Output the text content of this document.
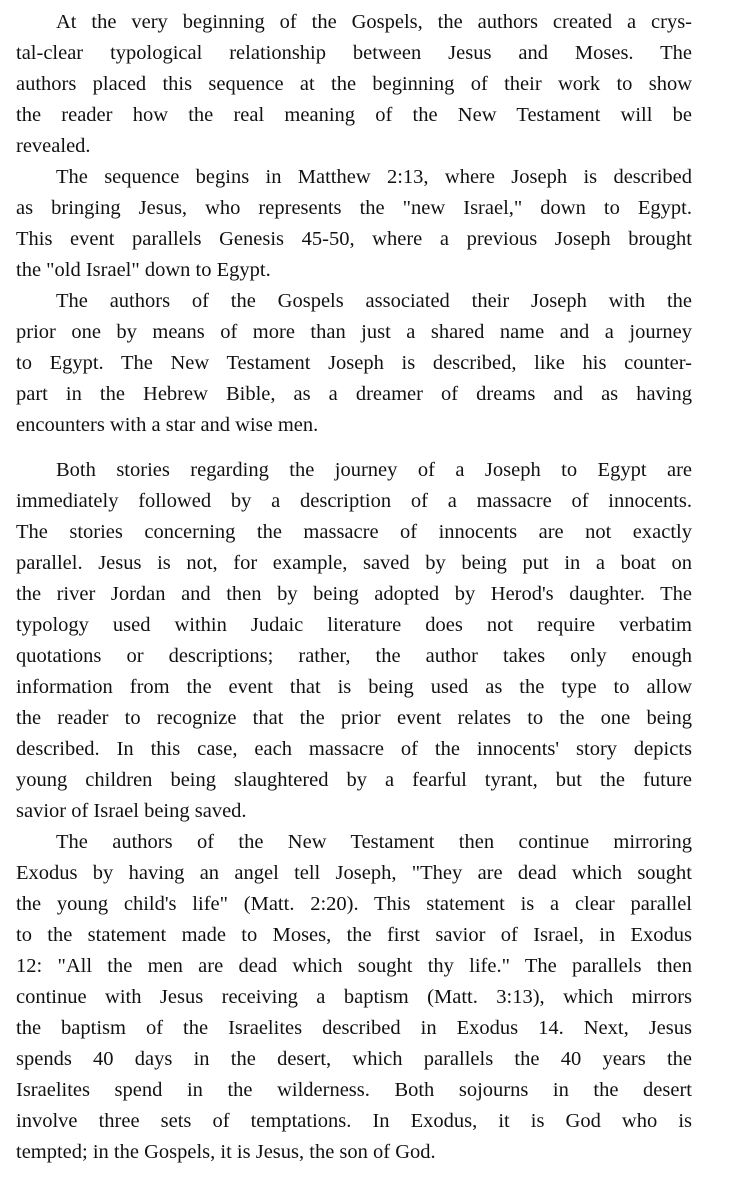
At the very beginning of the Gospels, the authors created a crys-
tal-clear typological relationship between Jesus and Moses. The
authors placed this sequence at the beginning of their work to show
the reader how the real meaning of the New Testament will be
revealed.
The sequence begins in Matthew 2:13, where Joseph is described
as bringing Jesus, who represents the "new Israel," down to Egypt.
This event parallels Genesis 45-50, where a previous Joseph brought
the "old Israel" down to Egypt.
The authors of the Gospels associated their Joseph with the
prior one by means of more than just a shared name and a journey
to Egypt. The New Testament Joseph is described, like his counter-
part in the Hebrew Bible, as a dreamer of dreams and as having
encounters with a star and wise men.
Both stories regarding the journey of a Joseph to Egypt are
immediately followed by a description of a massacre of innocents.
The stories concerning the massacre of innocents are not exactly
parallel. Jesus is not, for example, saved by being put in a boat on
the river Jordan and then by being adopted by Herod's daughter. The
typology used within Judaic literature does not require verbatim
quotations or descriptions; rather, the author takes only enough
information from the event that is being used as the type to allow
the reader to recognize that the prior event relates to the one being
described. In this case, each massacre of the innocents' story depicts
young children being slaughtered by a fearful tyrant, but the future
savior of Israel being saved.
The authors of the New Testament then continue mirroring
Exodus by having an angel tell Joseph, "They are dead which sought
the young child's life" (Matt. 2:20). This statement is a clear parallel
to the statement made to Moses, the first savior of Israel, in Exodus
12: "All the men are dead which sought thy life." The parallels then
continue with Jesus receiving a baptism (Matt. 3:13), which mirrors
the baptism of the Israelites described in Exodus 14. Next, Jesus
spends 40 days in the desert, which parallels the 40 years the
Israelites spend in the wilderness. Both sojourns in the desert
involve three sets of temptations. In Exodus, it is God who is
tempted; in the Gospels, it is Jesus, the son of God.
